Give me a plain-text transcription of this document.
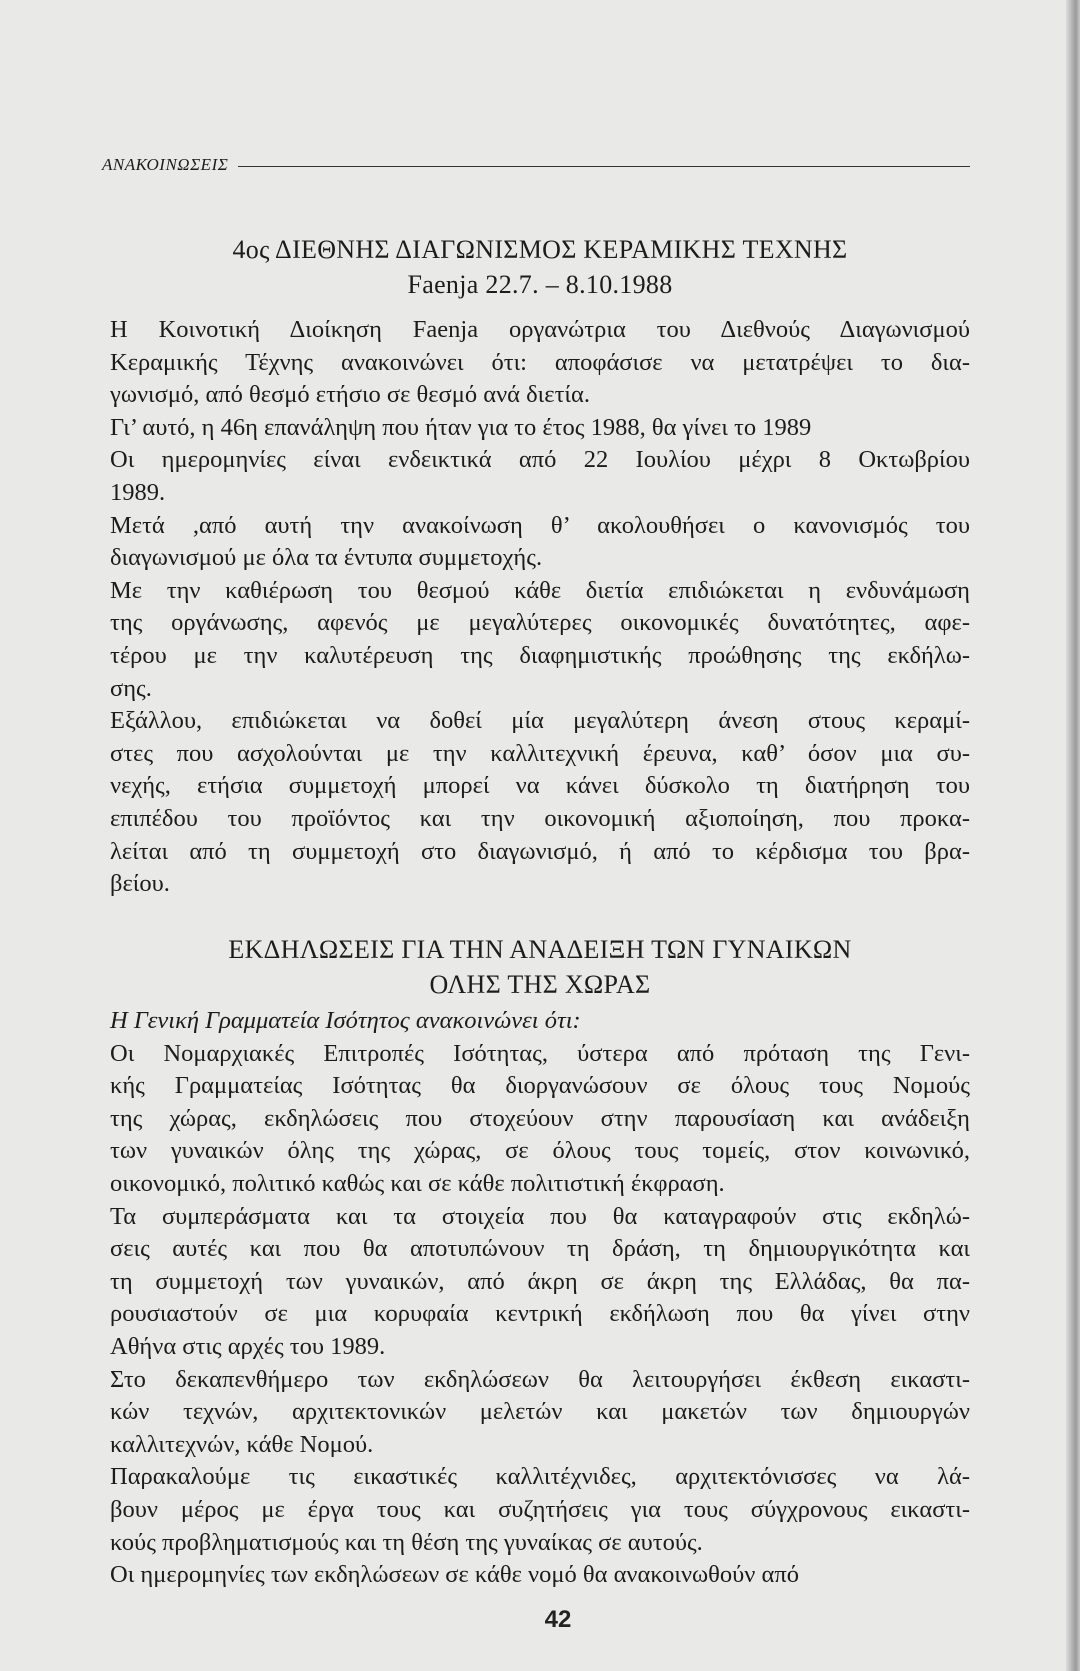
ΑΝΑΚΟΙΝΩΣΕΙΣ
4ος ΔΙΕΘΝΗΣ ΔΙΑΓΩΝΙΣΜΟΣ ΚΕΡΑΜΙΚΗΣ ΤΕΧΝΗΣ
Faenja 22.7. – 8.10.1988
Η Κοινοτική Διοίκηση Faenja οργανώτρια του Διεθνούς Διαγωνισμού
Κεραμικής Τέχνης ανακοινώνει ότι: αποφάσισε να μετατρέψει το δια-
γωνισμό, από θεσμό ετήσιο σε θεσμό ανά διετία.
Γι’ αυτό, η 46η επανάληψη που ήταν για το έτος 1988, θα γίνει το 1989
Οι ημερομηνίες είναι ενδεικτικά από 22 Ιουλίου μέχρι 8 Οκτωβρίου
1989.
Μετά ,από αυτή την ανακοίνωση θ’ ακολουθήσει ο κανονισμός του
διαγωνισμού με όλα τα έντυπα συμμετοχής.
Με την καθιέρωση του θεσμού κάθε διετία επιδιώκεται η ενδυνάμωση
της οργάνωσης, αφενός με μεγαλύτερες οικονομικές δυνατότητες, αφε-
τέρου με την καλυτέρευση της διαφημιστικής προώθησης της εκδήλω-
σης.
Εξάλλου, επιδιώκεται να δοθεί μία μεγαλύτερη άνεση στους κεραμί-
στες που ασχολούνται με την καλλιτεχνική έρευνα, καθ’ όσον μια συ-
νεχής, ετήσια συμμετοχή μπορεί να κάνει δύσκολο τη διατήρηση του
επιπέδου του προϊόντος και την οικονομική αξιοποίηση, που προκα-
λείται από τη συμμετοχή στο διαγωνισμό, ή από το κέρδισμα του βρα-
βείου.
ΕΚΔΗΛΩΣΕΙΣ ΓΙΑ ΤΗΝ ΑΝΑΔΕΙΞΗ ΤΩΝ ΓΥΝΑΙΚΩΝ
ΟΛΗΣ ΤΗΣ ΧΩΡΑΣ
Η Γενική Γραμματεία Ισότητος ανακοινώνει ότι:
Οι Νομαρχιακές Επιτροπές Ισότητας, ύστερα από πρόταση της Γενι-
κής Γραμματείας Ισότητας θα διοργανώσουν σε όλους τους Νομούς
της χώρας, εκδηλώσεις που στοχεύουν στην παρουσίαση και ανάδειξη
των γυναικών όλης της χώρας, σε όλους τους τομείς, στον κοινωνικό,
οικονομικό, πολιτικό καθώς και σε κάθε πολιτιστική έκφραση.
Τα συμπεράσματα και τα στοιχεία που θα καταγραφούν στις εκδηλώ-
σεις αυτές και που θα αποτυπώνουν τη δράση, τη δημιουργικότητα και
τη συμμετοχή των γυναικών, από άκρη σε άκρη της Ελλάδας, θα πα-
ρουσιαστούν σε μια κορυφαία κεντρική εκδήλωση που θα γίνει στην
Αθήνα στις αρχές του 1989.
Στο δεκαπενθήμερο των εκδηλώσεων θα λειτουργήσει έκθεση εικαστι-
κών τεχνών, αρχιτεκτονικών μελετών και μακετών των δημιουργών
καλλιτεχνών, κάθε Νομού.
Παρακαλούμε τις εικαστικές καλλιτέχνιδες, αρχιτεκτόνισσες να λά-
βουν μέρος με έργα τους και συζητήσεις για τους σύγχρονους εικαστι-
κούς προβληματισμούς και τη θέση της γυναίκας σε αυτούς.
Οι ημερομηνίες των εκδηλώσεων σε κάθε νομό θα ανακοινωθούν από
42
